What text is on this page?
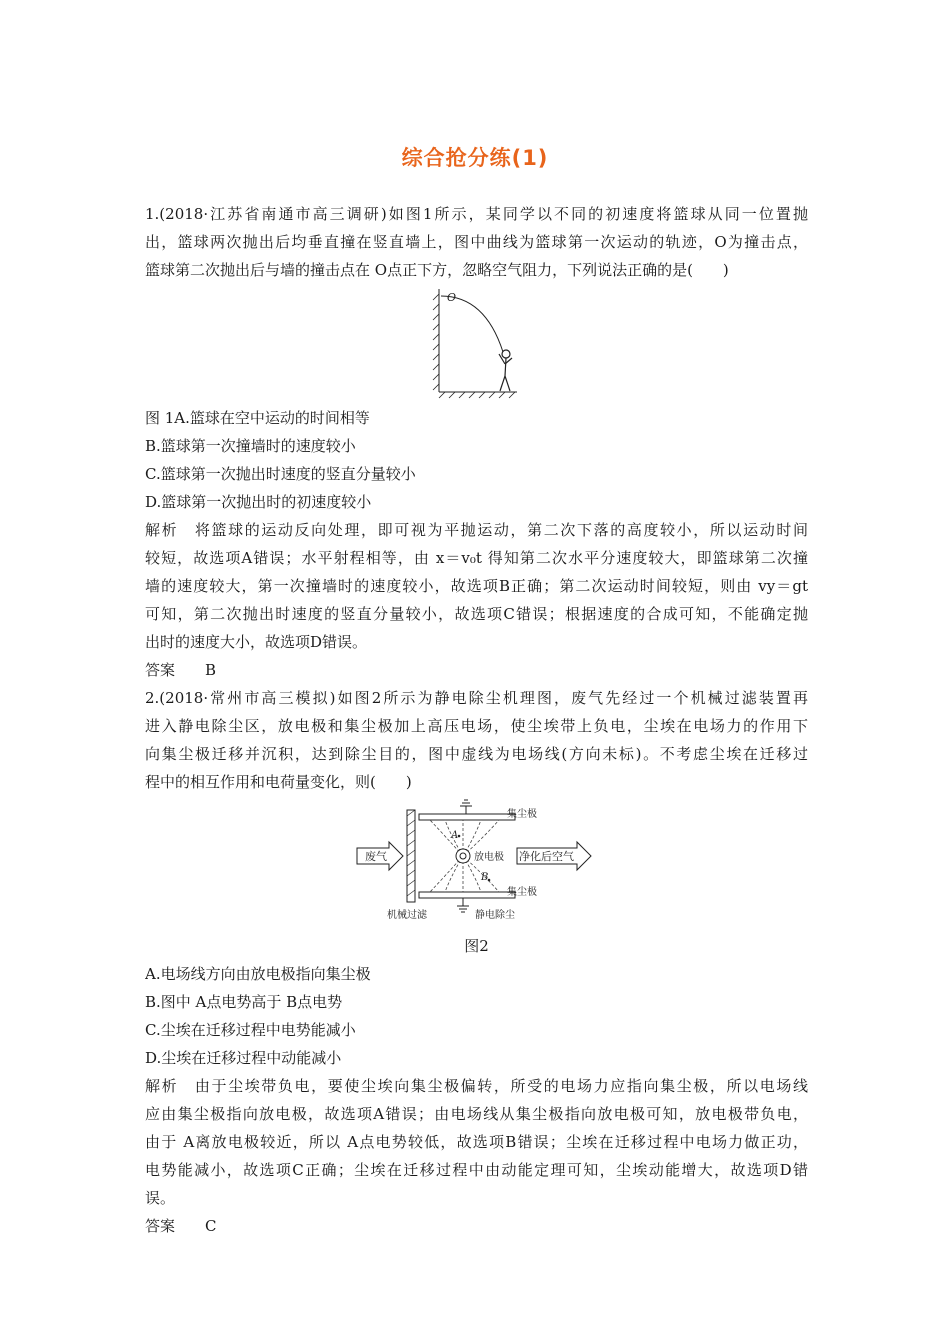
综合抢分练(1)
1.(2018·江苏省南通市高三调研)如图1所示，某同学以不同的初速度将篮球从同一位置抛
出，篮球两次抛出后均垂直撞在竖直墙上，图中曲线为篮球第一次运动的轨迹，O为撞击点，
篮球第二次抛出后与墙的撞击点在 O点正下方，忽略空气阻力，下列说法正确的是(　　)
O
图 1A.篮球在空中运动的时间相等
B.篮球第一次撞墙时的速度较小
C.篮球第一次抛出时速度的竖直分量较小
D.篮球第一次抛出时的初速度较小
解析　将篮球的运动反向处理，即可视为平抛运动，第二次下落的高度较小，所以运动时间
较短，故选项A错误；水平射程相等，由 x＝v₀t 得知第二次水平分速度较大，即篮球第二次撞
墙的速度较大，第一次撞墙时的速度较小，故选项B正确；第二次运动时间较短，则由 vy＝gt
可知，第二次抛出时速度的竖直分量较小，故选项C错误；根据速度的合成可知，不能确定抛
出时的速度大小，故选项D错误。
答案 B
2.(2018·常州市高三模拟)如图2所示为静电除尘机理图，废气先经过一个机械过滤装置再
进入静电除尘区，放电极和集尘极加上高压电场，使尘埃带上负电，尘埃在电场力的作用下
向集尘极迁移并沉积，达到除尘目的，图中虚线为电场线(方向未标)。不考虑尘埃在迁移过
程中的相互作用和电荷量变化，则(　　)
废气	净化后空气
集尘极
集尘极
放电极
机械过滤	静电除尘
A
B
图2
A.电场线方向由放电极指向集尘极
B.图中 A点电势高于 B点电势
C.尘埃在迁移过程中电势能减小
D.尘埃在迁移过程中动能减小
解析　由于尘埃带负电，要使尘埃向集尘极偏转，所受的电场力应指向集尘极，所以电场线
应由集尘极指向放电极，故选项A错误；由电场线从集尘极指向放电极可知，放电极带负电，
由于 A离放电极较近，所以 A点电势较低，故选项B错误；尘埃在迁移过程中电场力做正功，
电势能减小，故选项C正确；尘埃在迁移过程中由动能定理可知，尘埃动能增大，故选项D错
误。
答案 C
